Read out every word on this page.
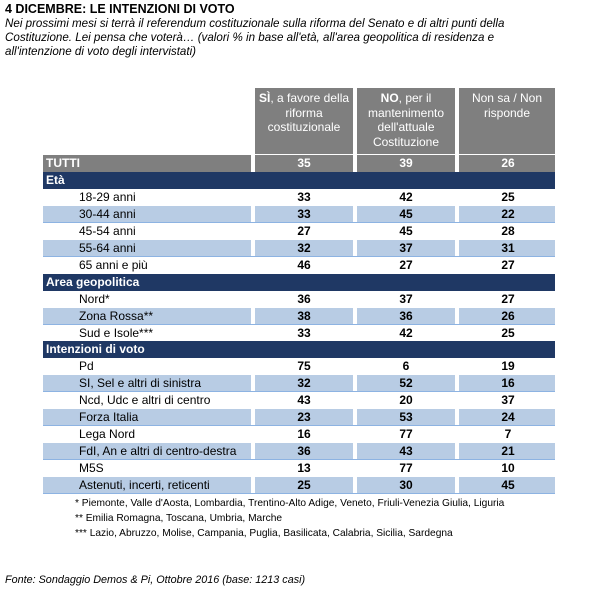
4 DICEMBRE: LE INTENZIONI DI VOTO
Nei prossimi mesi si terrà il referendum costituzionale sulla riforma del Senato e di altri punti della Costituzione. Lei pensa che voterà… (valori % in base all'età, all'area geopolitica di residenza e all'intenzione di voto degli intervistati)
SÌ, a favore della riforma costituzionale
NO, per il mantenimento dell'attuale Costituzione
Non sa / Non risponde
TUTTI	35	39	26
Età
18-29 anni	33	42	25
30-44 anni	33	45	22
45-54 anni	27	45	28
55-64 anni	32	37	31
65 anni e più	46	27	27
Area geopolitica
Nord*	36	37	27
Zona Rossa**	38	36	26
Sud e Isole***	33	42	25
Intenzioni di voto
Pd	75	6	19
SI, Sel e altri di sinistra	32	52	16
Ncd, Udc e altri di centro	43	20	37
Forza Italia	23	53	24
Lega Nord	16	77	7
FdI, An e altri di centro-destra	36	43	21
M5S	13	77	10
Astenuti, incerti, reticenti	25	30	45
* Piemonte, Valle d'Aosta, Lombardia, Trentino-Alto Adige, Veneto, Friuli-Venezia Giulia, Liguria
** Emilia Romagna, Toscana, Umbria, Marche
*** Lazio, Abruzzo, Molise, Campania, Puglia, Basilicata, Calabria, Sicilia, Sardegna
Fonte: Sondaggio Demos & Pi, Ottobre 2016 (base: 1213 casi)
